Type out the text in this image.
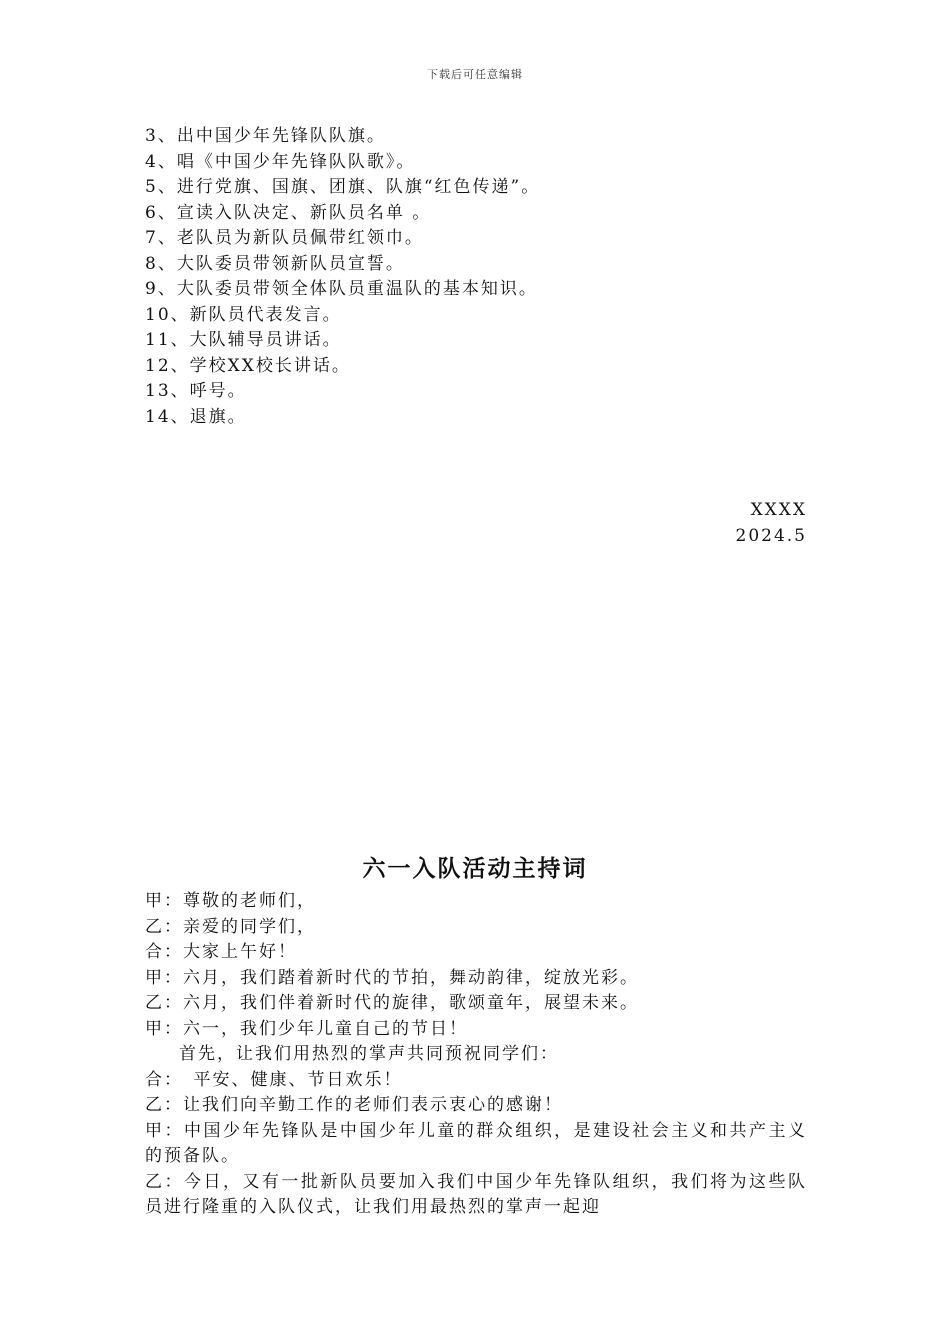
下载后可任意编辑
3、出中国少年先锋队队旗。
4、唱《中国少年先锋队队歌》。
5、进行党旗、国旗、团旗、队旗“红色传递”。
6、宣读入队决定、新队员名单 。
7、老队员为新队员佩带红领巾。
8、大队委员带领新队员宣誓。
9、大队委员带领全体队员重温队的基本知识。
10、新队员代表发言。
11、大队辅导员讲话。
12、学校XX校长讲话。
13、呼号。
14、退旗。
XXXX
2024.5
六一入队活动主持词
甲：尊敬的老师们，
乙：亲爱的同学们，
合：大家上午好！
甲：六月，我们踏着新时代的节拍，舞动韵律，绽放光彩。
乙：六月，我们伴着新时代的旋律，歌颂童年，展望未来。
甲：六一，我们少年儿童自己的节日！
首先，让我们用热烈的掌声共同预祝同学们：
合：　平安、健康、节日欢乐！
乙：让我们向辛勤工作的老师们表示衷心的感谢！
甲：中国少年先锋队是中国少年儿童的群众组织，是建设社会主义和共产主义的预备队。
乙：今日，又有一批新队员要加入我们中国少年先锋队组织，我们将为这些队员进行隆重的入队仪式，让我们用最热烈的掌声一起迎
